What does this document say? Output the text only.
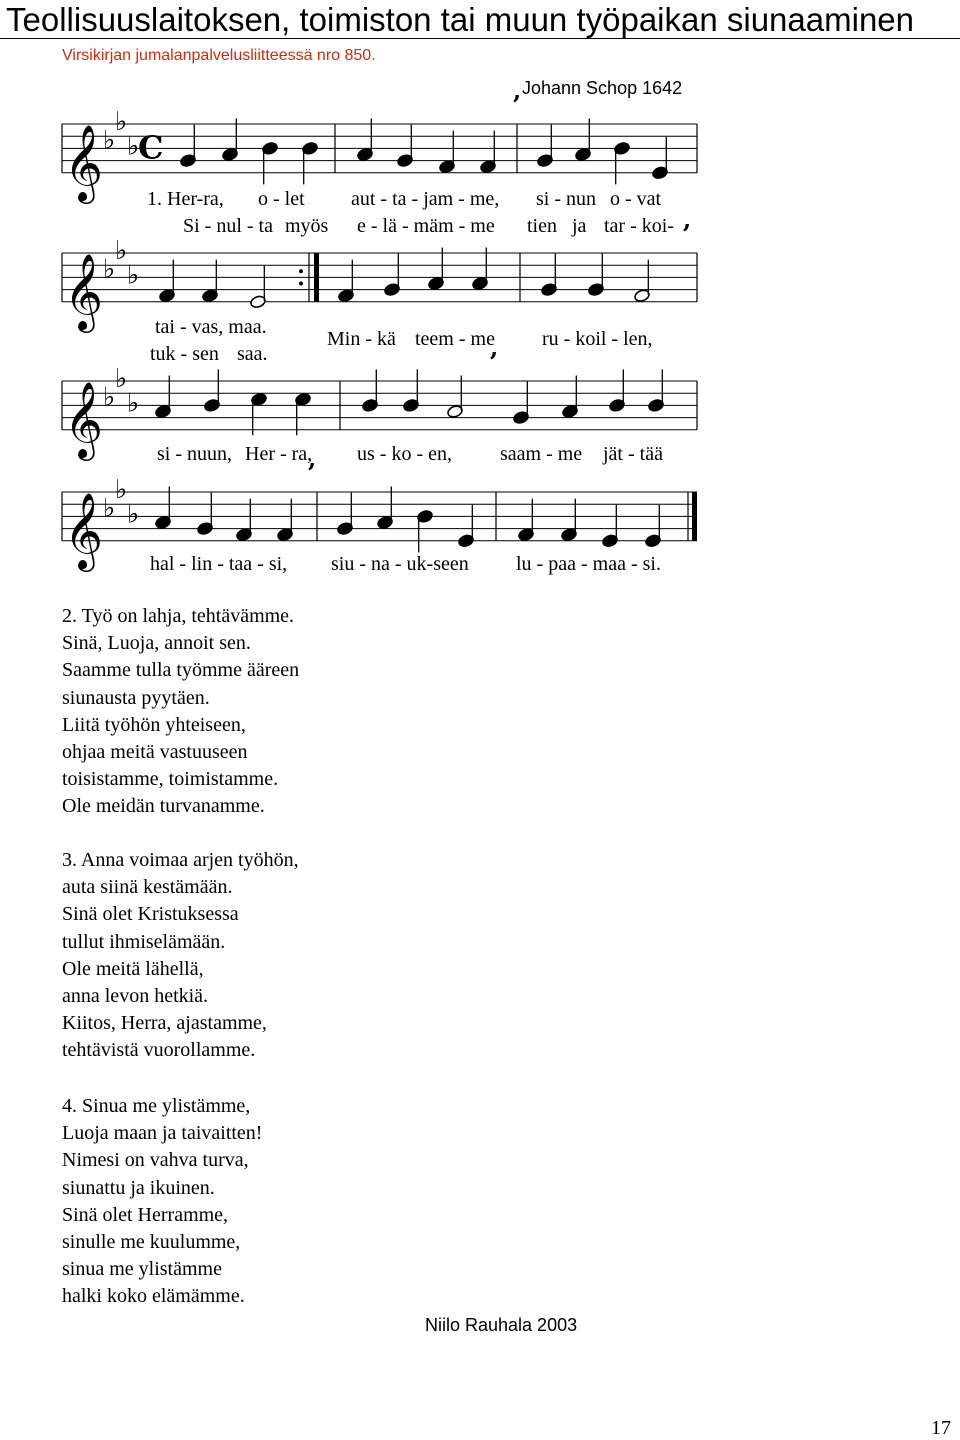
Teollisuuslaitoksen, toimiston tai muun työpaikan siunaaminen
Virsikirjan jumalanpalvelusliitteessä nro 850.
Johann Schop 1642
𝄞 ♭
♭
♭
C
𝄞 ♭
♭
♭
𝄞 ♭
♭
♭
𝄞 ♭
♭
♭
’
’
’
’
1. Her-ra, o - let aut - ta - jam - me, si - nun o - vat
Si - nul - ta myös e - lä - mäm - me tien ja tar - koi-
tai - vas, maa.
tuk - sen saa.
Min - kä teem - me ru - koil - len,
si - nuun, Her - ra, us - ko - en, saam - me jät - tää
hal - lin - taa - si, siu - na - uk-seen lu - paa - maa - si.
2. Työ on lahja, tehtävämme.
Sinä, Luoja, annoit sen.
Saamme tulla työmme ääreen
siunausta pyytäen.
Liitä työhön yhteiseen,
ohjaa meitä vastuuseen
toisistamme, toimistamme.
Ole meidän turvanamme.
3. Anna voimaa arjen työhön,
auta siinä kestämään.
Sinä olet Kristuksessa
tullut ihmiselämään.
Ole meitä lähellä,
anna levon hetkiä.
Kiitos, Herra, ajastamme,
tehtävistä vuorollamme.
4. Sinua me ylistämme,
Luoja maan ja taivaitten!
Nimesi on vahva turva,
siunattu ja ikuinen.
Sinä olet Herramme,
sinulle me kuulumme,
sinua me ylistämme
halki koko elämämme.
Niilo Rauhala 2003
17
